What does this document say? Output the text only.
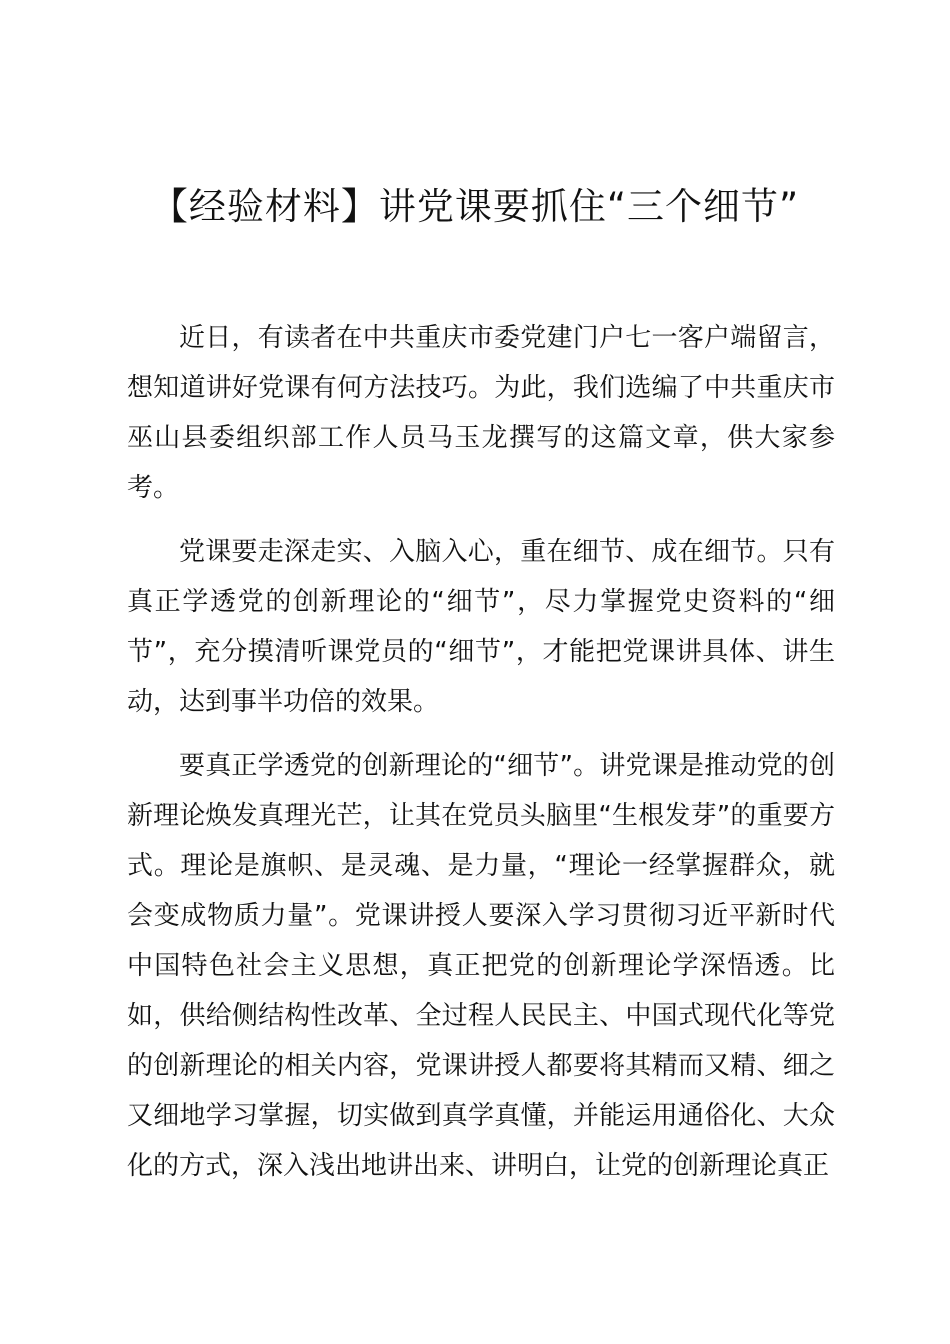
【经验材料】讲党课要抓住“三个细节”

近日，有读者在中共重庆市委党建门户七一客户端留言，想知道讲好党课有何方法技巧。为此，我们选编了中共重庆市巫山县委组织部工作人员马玉龙撰写的这篇文章，供大家参考。

党课要走深走实、入脑入心，重在细节、成在细节。只有真正学透党的创新理论的“细节”，尽力掌握党史资料的“细节”，充分摸清听课党员的“细节”，才能把党课讲具体、讲生动，达到事半功倍的效果。

要真正学透党的创新理论的“细节”。讲党课是推动党的创新理论焕发真理光芒，让其在党员头脑里“生根发芽”的重要方式。理论是旗帜、是灵魂、是力量，“理论一经掌握群众，就会变成物质力量”。党课讲授人要深入学习贯彻习近平新时代中国特色社会主义思想，真正把党的创新理论学深悟透。比如，供给侧结构性改革、全过程人民民主、中国式现代化等党的创新理论的相关内容，党课讲授人都要将其精而又精、细之又细地学习掌握，切实做到真学真懂，并能运用通俗化、大众化的方式，深入浅出地讲出来、讲明白，让党的创新理论真正
